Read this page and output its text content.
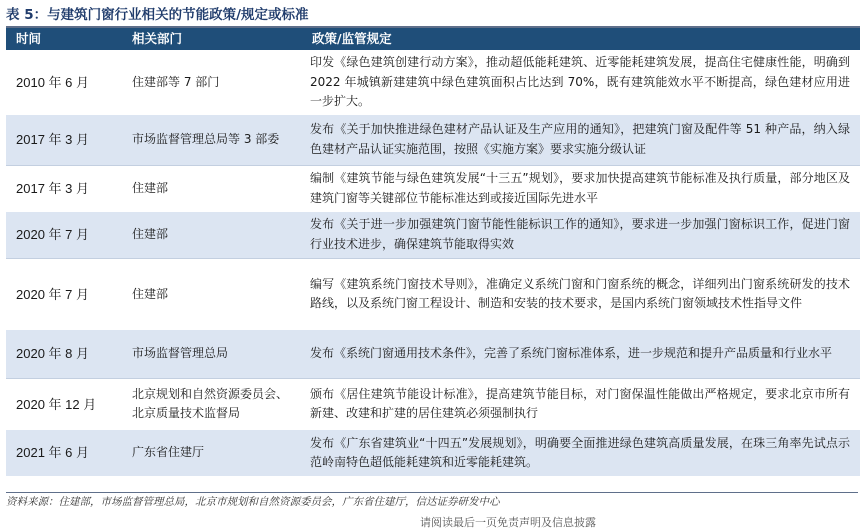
表 5：与建筑门窗行业相关的节能政策/规定或标准
时间	相关部门	政策/监管规定
2010 年 6 月	住建部等 7 部门	印发《绿色建筑创建行动方案》，推动超低能耗建筑、近零能耗建筑发展，提高住宅健康性能，明确到 2022 年城镇新建建筑中绿色建筑面积占比达到 70%，既有建筑能效水平不断提高，绿色建材应用进一步扩大。
2017 年 3 月	市场监督管理总局等 3 部委	发布《关于加快推进绿色建材产品认证及生产应用的通知》，把建筑门窗及配件等 51 种产品，纳入绿色建材产品认证实施范围，按照《实施方案》要求实施分级认证
2017 年 3 月	住建部	编制《建筑节能与绿色建筑发展“十三五”规划》，要求加快提高建筑节能标准及执行质量，部分地区及建筑门窗等关键部位节能标准达到或接近国际先进水平
2020 年 7 月	住建部	发布《关于进一步加强建筑门窗节能性能标识工作的通知》，要求进一步加强门窗标识工作，促进门窗行业技术进步，确保建筑节能取得实效
2020 年 7 月	住建部	编写《建筑系统门窗技术导则》，准确定义系统门窗和门窗系统的概念，详细列出门窗系统研发的技术路线，以及系统门窗工程设计、制造和安装的技术要求，是国内系统门窗领域技术性指导文件
2020 年 8 月	市场监督管理总局	发布《系统门窗通用技术条件》，完善了系统门窗标准体系，进一步规范和提升产品质量和行业水平
2020 年 12 月	北京规划和自然资源委员会、北京质量技术监督局	颁布《居住建筑节能设计标准》，提高建筑节能目标，对门窗保温性能做出严格规定，要求北京市所有新建、改建和扩建的居住建筑必须强制执行
2021 年 6 月	广东省住建厅	发布《广东省建筑业“十四五”发展规划》，明确要全面推进绿色建筑高质量发展，在珠三角率先试点示范岭南特色超低能耗建筑和近零能耗建筑。
资料来源：住建部，市场监督管理总局，北京市规划和自然资源委员会，广东省住建厅，信达证券研发中心
请阅读最后一页免责声明及信息披露
